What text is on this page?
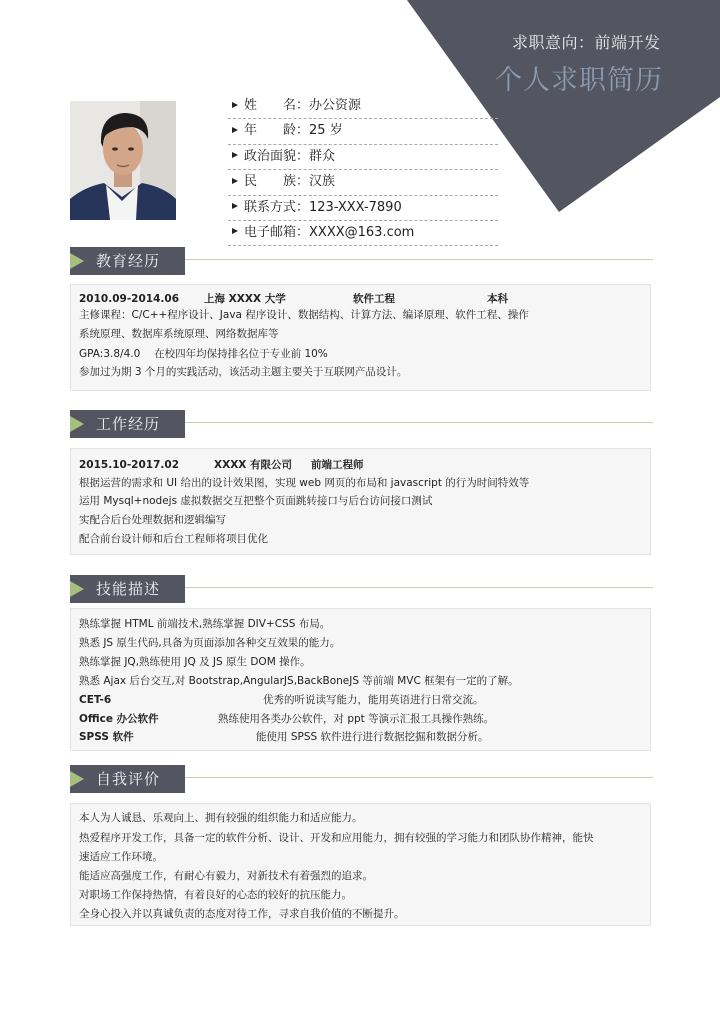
求职意向：前端开发
个人求职简历
姓　　名：办公资源
年　　龄：25 岁
政治面貌：群众
民　　族：汉族
联系方式：123-XXX-7890
电子邮箱：XXXX@163.com
教育经历
2010.09-2014.06 上海 XXXX 大学	软件工程	本科
主修课程：C/C++程序设计、Java 程序设计、数据结构、计算方法、编译原理、软件工程、操作
系统原理、数据库系统原理、网络数据库等
GPA:3.8/4.0　 在校四年均保持排名位于专业前 10%
参加过为期 3 个月的实践活动，该活动主题主要关于互联网产品设计。
工作经历
2015.10-2017.02	XXXX 有限公司 前端工程师
根据运营的需求和 UI 给出的设计效果图，实现 web 网页的布局和 javascript 的行为时间特效等
运用 Mysql+nodejs 虚拟数据交互把整个页面跳转接口与后台访问接口测试
实配合后台处理数据和逻辑编写
配合前台设计师和后台工程师将项目优化
技能描述
熟练掌握 HTML 前端技术,熟练掌握 DIV+CSS 布局。
熟悉 JS 原生代码,具备为页面添加各种交互效果的能力。
熟练掌握 JQ,熟练使用 JQ 及 JS 原生 DOM 操作。
熟悉 Ajax 后台交互,对 Bootstrap,AngularJS,BackBoneJS 等前端 MVC 框架有一定的了解。
CET-6	优秀的听说读写能力，能用英语进行日常交流。
Office 办公软件	熟练使用各类办公软件，对 ppt 等演示汇报工具操作熟练。
SPSS 软件	能使用 SPSS 软件进行进行数据挖掘和数据分析。
自我评价
本人为人诚恳、乐观向上、拥有较强的组织能力和适应能力。
热爱程序开发工作，具备一定的软件分析、设计、开发和应用能力，拥有较强的学习能力和团队协作精神，能快
速适应工作环境。
能适应高强度工作，有耐心有毅力，对新技术有着强烈的追求。
对职场工作保持热情，有着良好的心态的较好的抗压能力。
全身心投入并以真诚负责的态度对待工作，寻求自我价值的不断提升。
